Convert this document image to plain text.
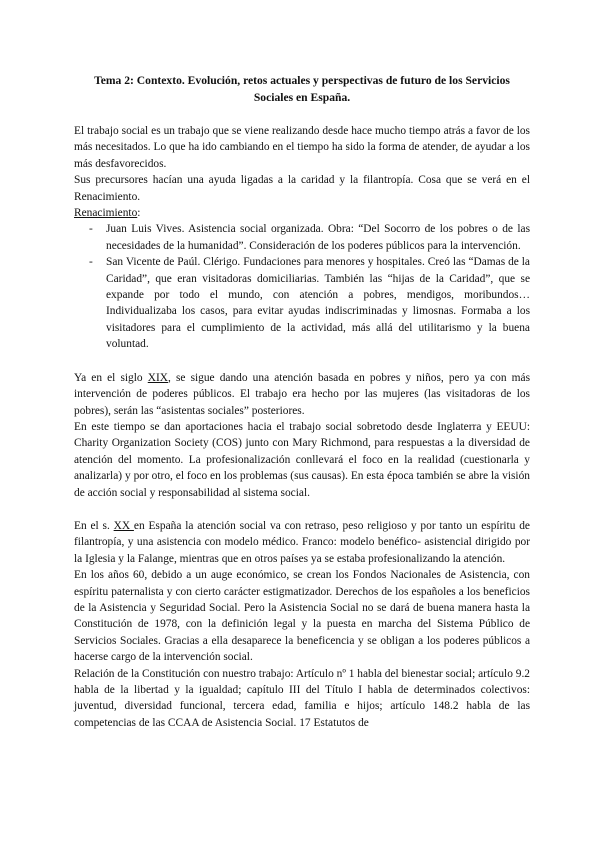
Tema 2: Contexto. Evolución, retos actuales y perspectivas de futuro de los Servicios Sociales en España.

El trabajo social es un trabajo que se viene realizando desde hace mucho tiempo atrás a favor de los más necesitados. Lo que ha ido cambiando en el tiempo ha sido la forma de atender, de ayudar a los más desfavorecidos.

Sus precursores hacían una ayuda ligadas a la caridad y la filantropía. Cosa que se verá en el Renacimiento.

Renacimiento:

- Juan Luis Vives. Asistencia social organizada. Obra: “Del Socorro de los pobres o de las necesidades de la humanidad”. Consideración de los poderes públicos para la intervención.
- San Vicente de Paúl. Clérigo. Fundaciones para menores y hospitales. Creó las “Damas de la Caridad”, que eran visitadoras domiciliarias. También las “hijas de la Caridad”, que se expande por todo el mundo, con atención a pobres, mendigos, moribundos… Individualizaba los casos, para evitar ayudas indiscriminadas y limosnas. Formaba a los visitadores para el cumplimiento de la actividad, más allá del utilitarismo y la buena voluntad.

Ya en el siglo XIX, se sigue dando una atención basada en pobres y niños, pero ya con más intervención de poderes públicos. El trabajo era hecho por las mujeres (las visitadoras de los pobres), serán las “asistentas sociales” posteriores.

En este tiempo se dan aportaciones hacia el trabajo social sobretodo desde Inglaterra y EEUU: Charity Organization Society (COS) junto con Mary Richmond, para respuestas a la diversidad de atención del momento. La profesionalización conllevará el foco en la realidad (cuestionarla y analizarla) y por otro, el foco en los problemas (sus causas). En esta época también se abre la visión de acción social y responsabilidad al sistema social.

En el s. XX en España la atención social va con retraso, peso religioso y por tanto un espíritu de filantropía, y una asistencia con modelo médico. Franco: modelo benéfico- asistencial dirigido por la Iglesia y la Falange, mientras que en otros países ya se estaba profesionalizando la atención.

En los años 60, debido a un auge económico, se crean los Fondos Nacionales de Asistencia, con espíritu paternalista y con cierto carácter estigmatizador. Derechos de los españoles a los beneficios de la Asistencia y Seguridad Social. Pero la Asistencia Social no se dará de buena manera hasta la Constitución de 1978, con la definición legal y la puesta en marcha del Sistema Público de Servicios Sociales. Gracias a ella desaparece la beneficencia y se obligan a los poderes públicos a hacerse cargo de la intervención social.

Relación de la Constitución con nuestro trabajo: Artículo nº 1 habla del bienestar social; artículo 9.2 habla de la libertad y la igualdad; capítulo III del Título I habla de determinados colectivos: juventud, diversidad funcional, tercera edad, familia e hijos; artículo 148.2 habla de las competencias de las CCAA de Asistencia Social. 17 Estatutos de
